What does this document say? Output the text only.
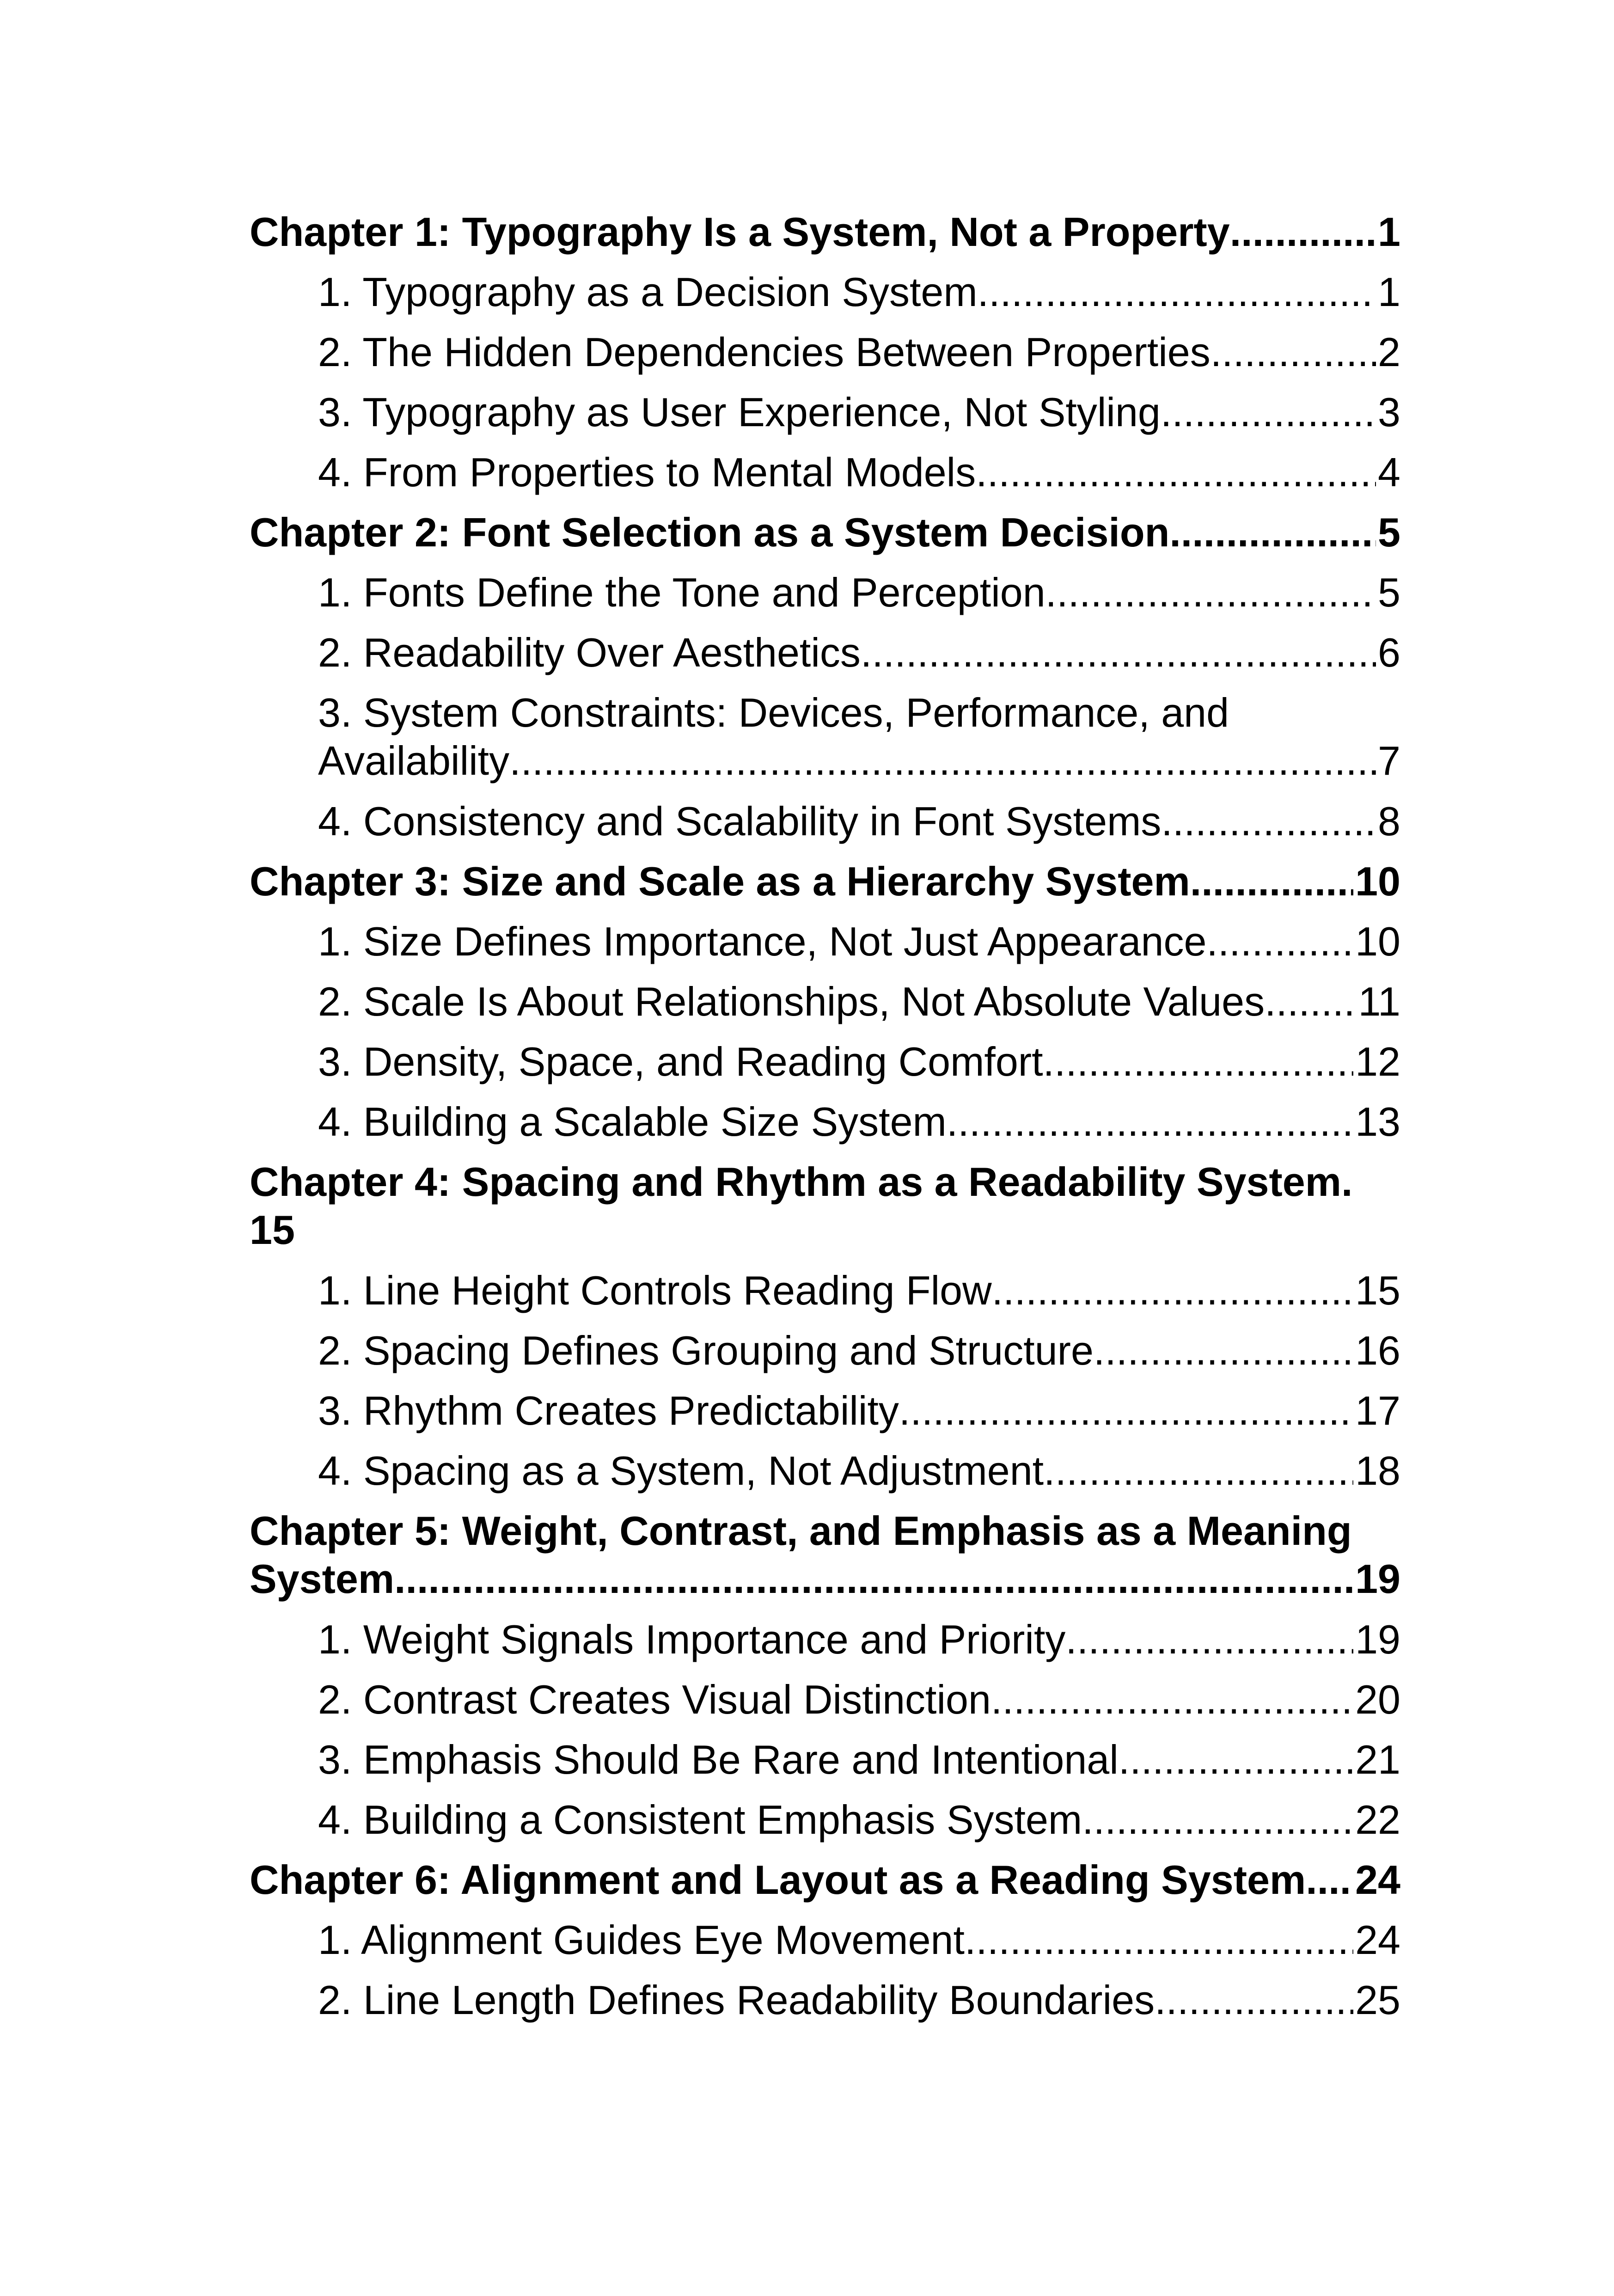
Chapter 1: Typography Is a System, Not a Property .....	1
1. Typography as a Decision System .....	1
2. The Hidden Dependencies Between Properties .....	2
3. Typography as User Experience, Not Styling .....	3
4. From Properties to Mental Models .....	4
Chapter 2: Font Selection as a System Decision .....	5
1. Fonts Define the Tone and Perception .....	5
2. Readability Over Aesthetics .....	6
3. System Constraints: Devices, Performance, and
Availability .....	7
4. Consistency and Scalability in Font Systems .....	8
Chapter 3: Size and Scale as a Hierarchy System .....	10
1. Size Defines Importance, Not Just Appearance .....	10
2. Scale Is About Relationships, Not Absolute Values ..... 11
3. Density, Space, and Reading Comfort .....	12
4. Building a Scalable Size System .....	13
Chapter 4: Spacing and Rhythm as a Readability System.
15
1. Line Height Controls Reading Flow .....	15
2. Spacing Defines Grouping and Structure .....	16
3. Rhythm Creates Predictability .....	17
4. Spacing as a System, Not Adjustment .....	18
Chapter 5: Weight, Contrast, and Emphasis as a Meaning
System .....	19
1. Weight Signals Importance and Priority .....	19
2. Contrast Creates Visual Distinction .....	20
3. Emphasis Should Be Rare and Intentional .....	21
4. Building a Consistent Emphasis System .....	22
Chapter 6: Alignment and Layout as a Reading System ..... 24
1. Alignment Guides Eye Movement .....	24
2. Line Length Defines Readability Boundaries .....	25
